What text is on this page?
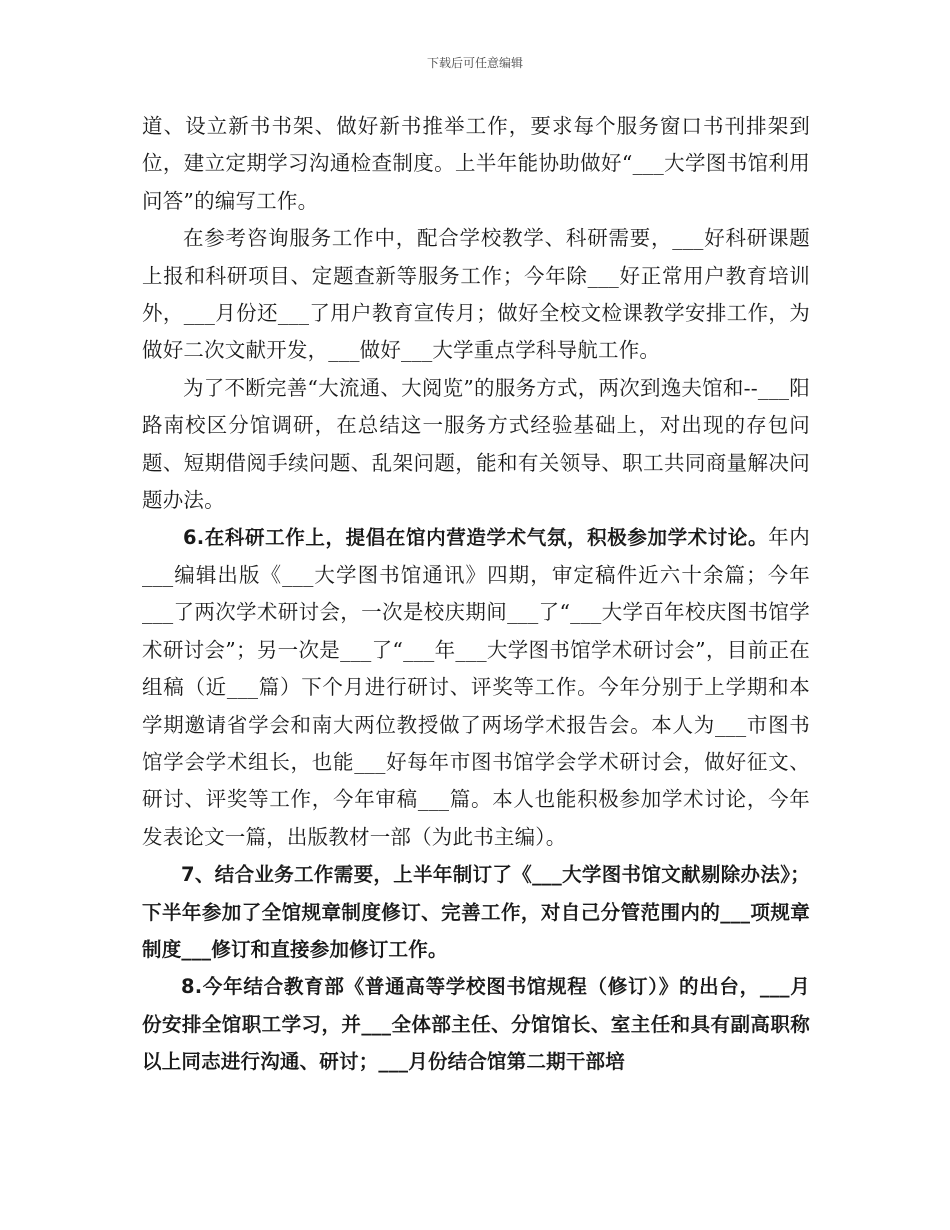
下载后可任意编辑

道、设立新书书架、做好新书推举工作，要求每个服务窗口书刊排架到位，建立定期学习沟通检查制度。上半年能协助做好“___大学图书馆利用问答”的编写工作。

在参考咨询服务工作中，配合学校教学、科研需要，___好科研课题上报和科研项目、定题查新等服务工作；今年除___好正常用户教育培训外，___月份还___了用户教育宣传月；做好全校文检课教学安排工作，为做好二次文献开发，___做好___大学重点学科导航工作。

为了不断完善“大流通、大阅览”的服务方式，两次到逸夫馆和--___阳路南校区分馆调研，在总结这一服务方式经验基础上，对出现的存包问题、短期借阅手续问题、乱架问题，能和有关领导、职工共同商量解决问题办法。

6.在科研工作上，提倡在馆内营造学术气氛，积极参加学术讨论。年内___编辑出版《___大学图书馆通讯》四期，审定稿件近六十余篇；今年___了两次学术研讨会，一次是校庆期间___了“___大学百年校庆图书馆学术研讨会”；另一次是___了“___年___大学图书馆学术研讨会”，目前正在组稿（近___篇）下个月进行研讨、评奖等工作。今年分别于上学期和本学期邀请省学会和南大两位教授做了两场学术报告会。本人为___市图书馆学会学术组长，也能___好每年市图书馆学会学术研讨会，做好征文、研讨、评奖等工作，今年审稿___篇。本人也能积极参加学术讨论，今年发表论文一篇，出版教材一部（为此书主编）。

7、结合业务工作需要，上半年制订了《___大学图书馆文献剔除办法》；下半年参加了全馆规章制度修订、完善工作，对自己分管范围内的___项规章制度___修订和直接参加修订工作。

8.今年结合教育部《普通高等学校图书馆规程（修订）》的出台，___月份安排全馆职工学习，并___全体部主任、分馆馆长、室主任和具有副高职称以上同志进行沟通、研讨；___月份结合馆第二期干部培
